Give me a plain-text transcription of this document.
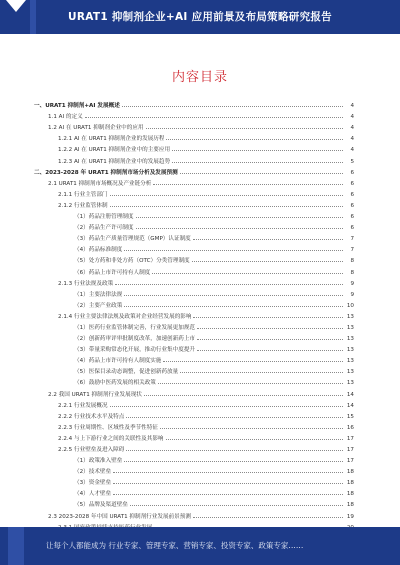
URAT1 抑制剂企业+AI 应用前景及布局策略研究报告
内容目录
一、URAT1 抑制剂+AI 发展概述	4
1.1 AI 的定义	4
1.2 AI 在 URAT1 抑制剂企业中的应用	4
1.2.1 AI 在 URAT1 抑制剂企业的发展历程	4
1.2.2 AI 在 URAT1 抑制剂企业中的主要应用	4
1.2.3 AI 在 URAT1 抑制剂企业中的发展趋势	5
二、2023-2028 年 URAT1 抑制剂市场分析及发展预测	6
2.1 URAT1 抑制剂市场概况及产业链分析	6
2.1.1 行业主管部门	6
2.1.2 行业监管体制	6
（1）药品注册管理制度	6
（2）药品生产许可制度	6
（3）药品生产质量管理规范（GMP）认证制度	7
（4）药品标准制度	7
（5）处方药和非处方药（OTC）分类管理制度	8
（6）药品上市许可持有人制度	8
2.1.3 行业法规及政策	9
（1）主要法律法规	9
（2）主要产业政策	10
2.1.4 行业主要法律法规及政策对企业经营发展的影响	13
（1）医药行业监管体制完善，行业发展更加规范	13
（2）创新药审评审批制度改革，加速创新药上市	13
（3）带量采购常态化开展，推动行业集中度提升	13
（4）药品上市许可持有人制度实施	13
（5）医保目录动态调整，促进创新药放量	13
（6）鼓励中医药发展的相关政策	13
2.2 我国 URAT1 抑制剂行业发展现状	14
2.2.1 行业发展概况	14
2.2.2 行业技术水平及特点	15
2.2.3 行业周期性、区域性及季节性特征	16
2.2.4 与上下游行业之间的关联性及其影响	17
2.2.5 行业壁垒及进入障碍	17
（1）政策准入壁垒	17
（2）技术壁垒	18
（3）资金壁垒	18
（4）人才壁垒	18
（5）品牌及渠道壁垒	18
2.3 2023-2028 年中国 URAT1 抑制剂行业发展前景预测	19
让每个人都能成为 行业专家、管理专家、营销专家、投资专家、政策专家……
